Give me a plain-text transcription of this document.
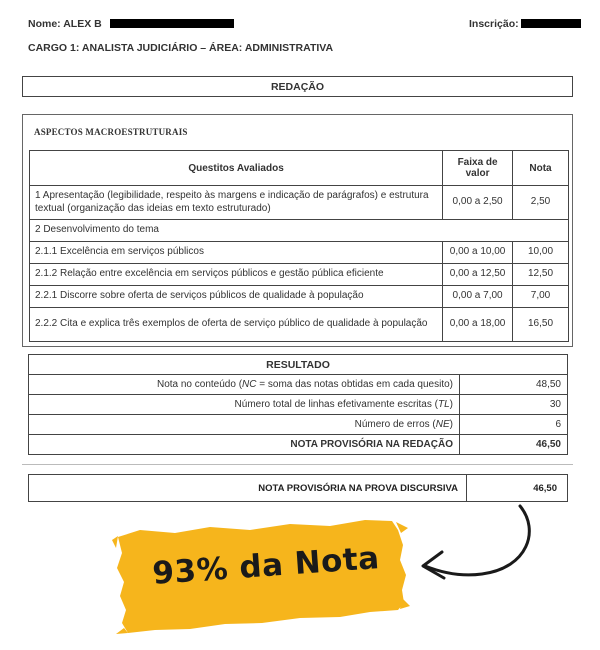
Nome: ALEX B	Inscrição:
CARGO 1: ANALISTA JUDICIÁRIO – ÁREA: ADMINISTRATIVA
REDAÇÃO
ASPECTOS MACROESTRUTURAIS
Questitos Avaliados	Faixa de valor	Nota
1 Apresentação (legibilidade, respeito às margens e indicação de parágrafos) e estrutura textual (organização das ideias em texto estruturado)	0,00 a 2,50	2,50
2 Desenvolvimento do tema		
2.1.1 Excelência em serviços públicos	0,00 a 10,00	10,00
2.1.2 Relação entre excelência em serviços públicos e gestão pública eficiente	0,00 a 12,50	12,50
2.2.1 Discorre sobre oferta de serviços públicos de qualidade à população	0,00 a 7,00	7,00
2.2.2 Cita e explica três exemplos de oferta de serviço público de qualidade à população	0,00 a 18,00	16,50
RESULTADO	
Nota no conteúdo (NC = soma das notas obtidas em cada quesito)	48,50
Número total de linhas efetivamente escritas (TL)	30
Número de erros (NE)	6
NOTA PROVISÓRIA NA REDAÇÃO	46,50
NOTA PROVISÓRIA NA PROVA DISCURSIVA	46,50
93% da Nota
